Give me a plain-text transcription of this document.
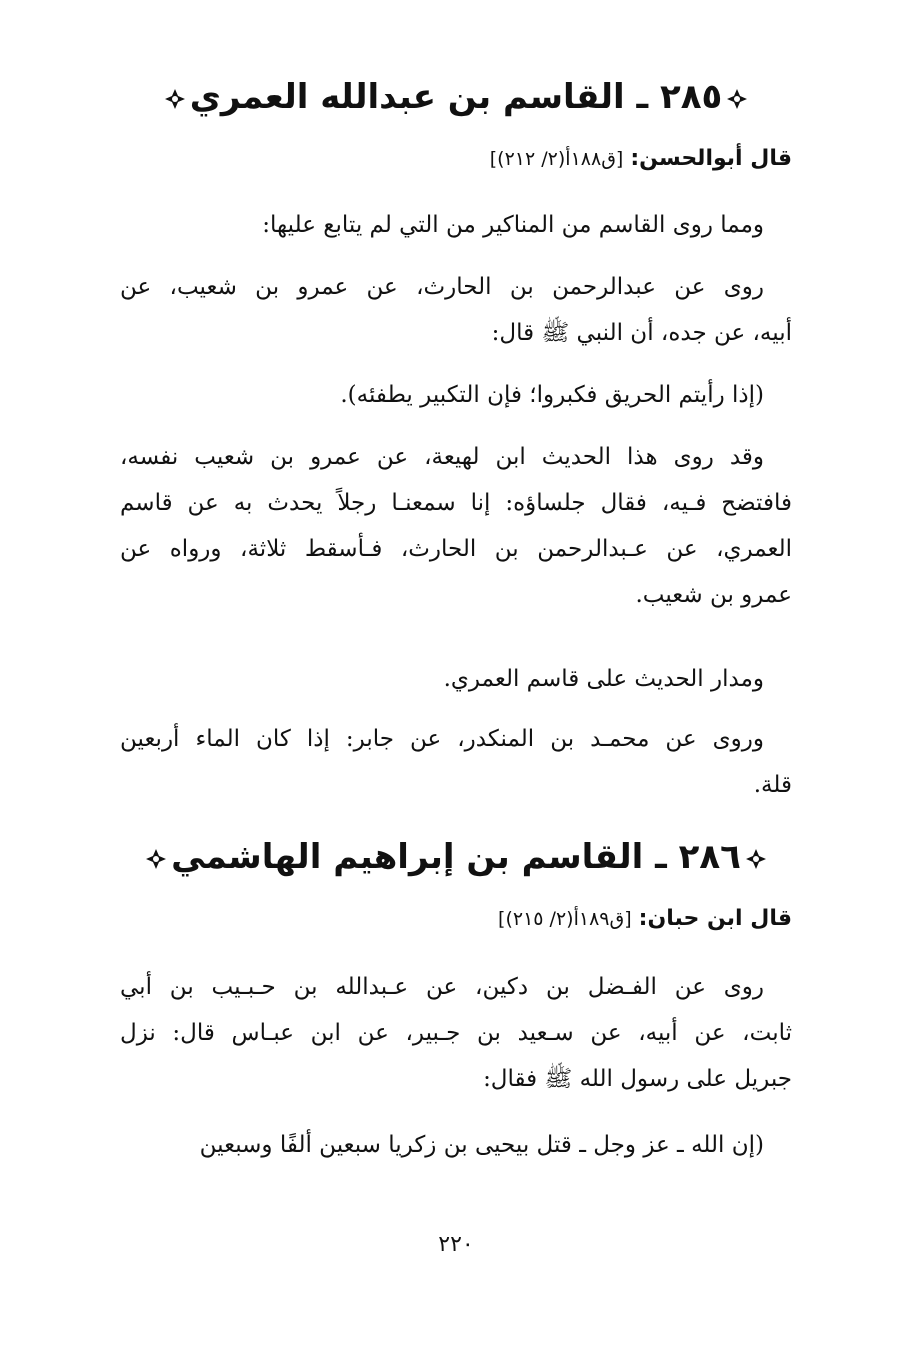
٢٨٥ ـ القاسم بن عبدالله العمري
قال أبوالحسن: [ق١٨٨أ(٢/ ٢١٢)]
ومما روى القاسم من المناكير من التي لم يتابع عليها:
روى عن عبدالرحمن بن الحارث، عن عمرو بن شعيب، عن
أبيه، عن جده، أن النبي ﷺ قال:
(إذا رأيتم الحريق فكبروا؛ فإن التكبير يطفئه).
وقد روى هذا الحديث ابن لهيعة، عن عمرو بن شعيب نفسه،
فافتضح فـيه، فقال جلساؤه: إنا سمعنـا رجلاً يحدث به عن قاسم
العمري، عن عـبدالرحمن بن الحارث، فـأسقط ثلاثة، ورواه عن
عمرو بن شعيب.
ومدار الحديث على قاسم العمري.
وروى عن محمـد بن المنكدر، عن جابر: إذا كان الماء أربعين
قلة.
٢٨٦ ـ القاسم بن إبراهيم الهاشمي
قال ابن حبان: [ق١٨٩أ(٢/ ٢١٥)]
روى عن الفـضل بن دكين، عن عـبدالله بن حـبـيب بن أبي
ثابت، عن أبيه، عن سـعيد بن جـبير، عن ابن عبـاس قال: نزل
جبريل على رسول الله ﷺ فقال:
(إن الله ـ عز وجل ـ قتل بيحيى بن زكريا سبعين ألفًا وسبعين
٢٢٠
